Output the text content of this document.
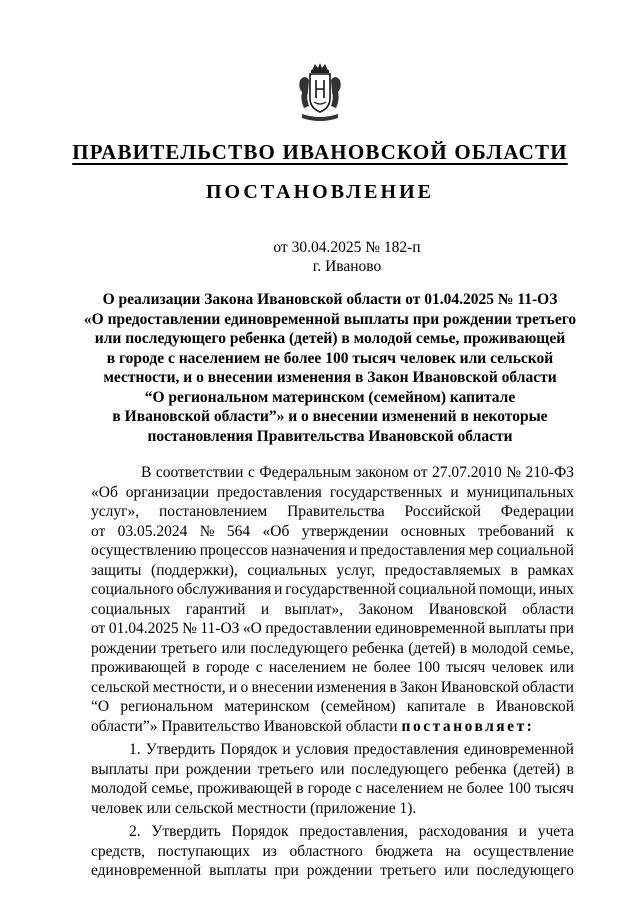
ПРАВИТЕЛЬСТВО ИВАНОВСКОЙ ОБЛАСТИ
ПОСТАНОВЛЕНИЕ
от 30.04.2025 № 182-п
г. Иваново
О реализации Закона Ивановской области от 01.04.2025 № 11-ОЗ
«О предоставлении единовременной выплаты при рождении третьего
или последующего ребенка (детей) в молодой семье, проживающей
в городе с населением не более 100 тысяч человек или сельской
местности, и о внесении изменения в Закон Ивановской области
“О региональном материнском (семейном) капитале
в Ивановской области”» и о внесении изменений в некоторые
постановления Правительства Ивановской области
В соответствии с Федеральным законом от 27.07.2010 № 210-ФЗ
«Об организации предоставления государственных и муниципальных
услуг», постановлением Правительства Российской Федерации
от 03.05.2024 № 564 «Об утверждении основных требований к
осуществлению процессов назначения и предоставления мер социальной
защиты (поддержки), социальных услуг, предоставляемых в рамках
социального обслуживания и государственной социальной помощи, иных
социальных гарантий и выплат», Законом Ивановской области
от 01.04.2025 № 11-ОЗ «О предоставлении единовременной выплаты при
рождении третьего или последующего ребенка (детей) в молодой семье,
проживающей в городе с населением не более 100 тысяч человек или
сельской местности, и о внесении изменения в Закон Ивановской области
“О региональном материнском (семейном) капитале в Ивановской
области”» Правительство Ивановской области постановляет:
1. Утвердить Порядок и условия предоставления единовременной
выплаты при рождении третьего или последующего ребенка (детей) в
молодой семье, проживающей в городе с населением не более 100 тысяч
человек или сельской местности (приложение 1).
2. Утвердить Порядок предоставления, расходования и учета
средств, поступающих из областного бюджета на осуществление
единовременной выплаты при рождении третьего или последующего
